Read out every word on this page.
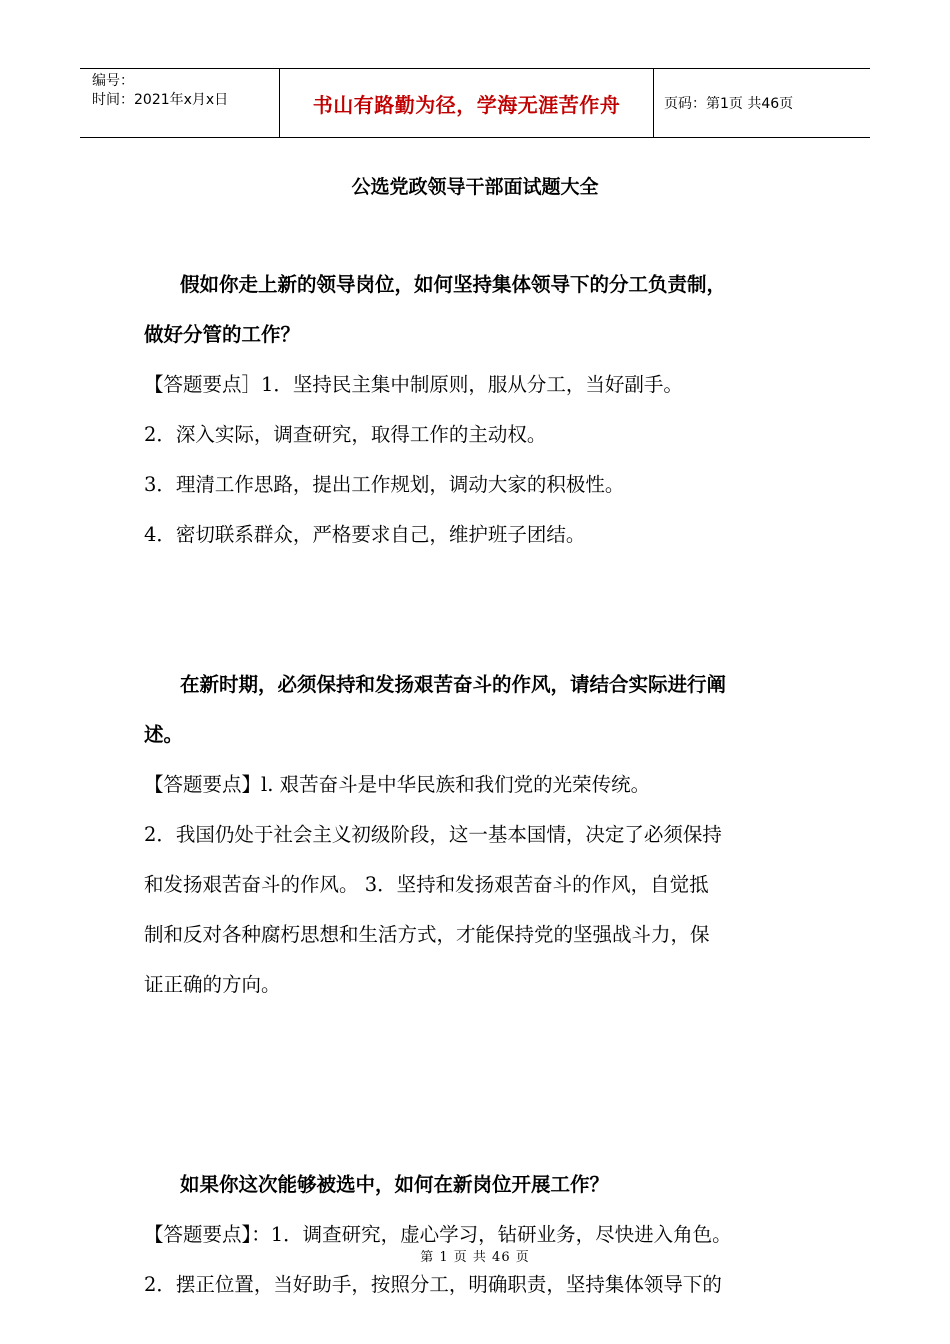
编号：
时间：2021年x月x日	书山有路勤为径，学海无涯苦作舟	页码：第1页 共46页
公选党政领导干部面试题大全
假如你走上新的领导岗位，如何坚持集体领导下的分工负责制，
做好分管的工作？
【答题要点］1．坚持民主集中制原则，服从分工，当好副手。
2．深入实际，调查研究，取得工作的主动权。
3．理清工作思路，提出工作规划，调动大家的积极性。
4．密切联系群众，严格要求自己，维护班子团结。
在新时期，必须保持和发扬艰苦奋斗的作风，请结合实际进行阐
述。
【答题要点】l. 艰苦奋斗是中华民族和我们党的光荣传统。
2．我国仍处于社会主义初级阶段，这一基本国情，决定了必须保持
和发扬艰苦奋斗的作风。 3．坚持和发扬艰苦奋斗的作风，自觉抵
制和反对各种腐朽思想和生活方式，才能保持党的坚强战斗力，保
证正确的方向。
如果你这次能够被选中，如何在新岗位开展工作？
【答题要点】：1．调查研究，虚心学习，钻研业务，尽快进入角色。
2．摆正位置，当好助手，按照分工，明确职责，坚持集体领导下的
第 1 页 共 46 页
